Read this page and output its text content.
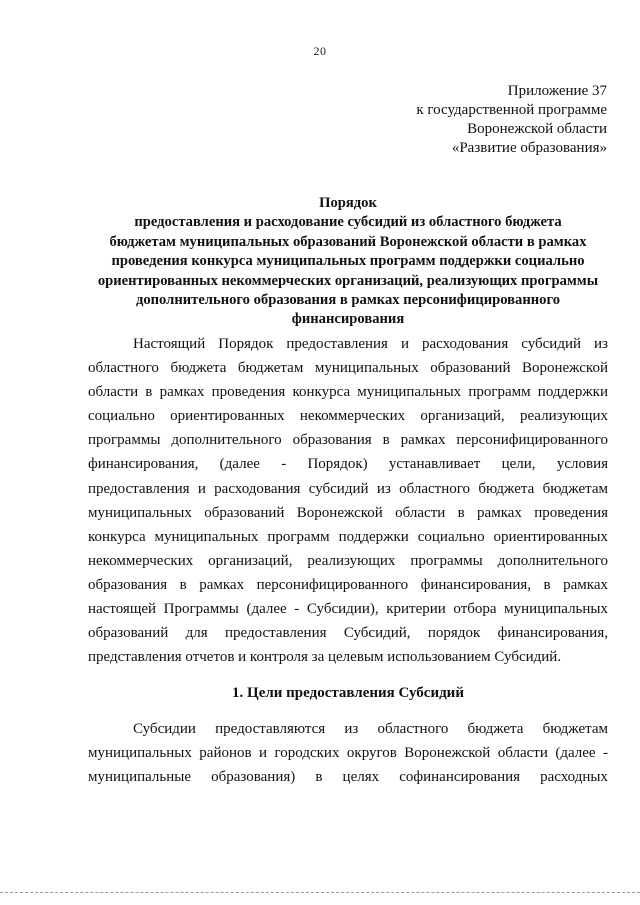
20
Приложение 37
к государственной программе
Воронежской области
«Развитие образования»
Порядок
предоставления и расходование субсидий из областного бюджета
бюджетам муниципальных образований Воронежской области в рамках
проведения конкурса муниципальных программ поддержки социально
ориентированных некоммерческих организаций, реализующих программы
дополнительного образования в рамках персонифицированного
финансирования
Настоящий Порядок предоставления и расходования субсидий из
областного бюджета бюджетам муниципальных образований Воронежской
области в рамках проведения конкурса муниципальных программ поддержки
социально ориентированных некоммерческих организаций, реализующих
программы дополнительного образования в рамках персонифицированного
финансирования, (далее - Порядок) устанавливает цели, условия
предоставления и расходования субсидий из областного бюджета бюджетам
муниципальных образований Воронежской области в рамках проведения
конкурса муниципальных программ поддержки социально ориентированных
некоммерческих организаций, реализующих программы дополнительного
образования в рамках персонифицированного финансирования, в рамках
настоящей Программы (далее - Субсидии), критерии отбора муниципальных
образований для предоставления Субсидий, порядок финансирования,
представления отчетов и контроля за целевым использованием Субсидий.
1. Цели предоставления Субсидий
Субсидии предоставляются из областного бюджета бюджетам
муниципальных районов и городских округов Воронежской области (далее -
муниципальные образования) в целях софинансирования расходных
